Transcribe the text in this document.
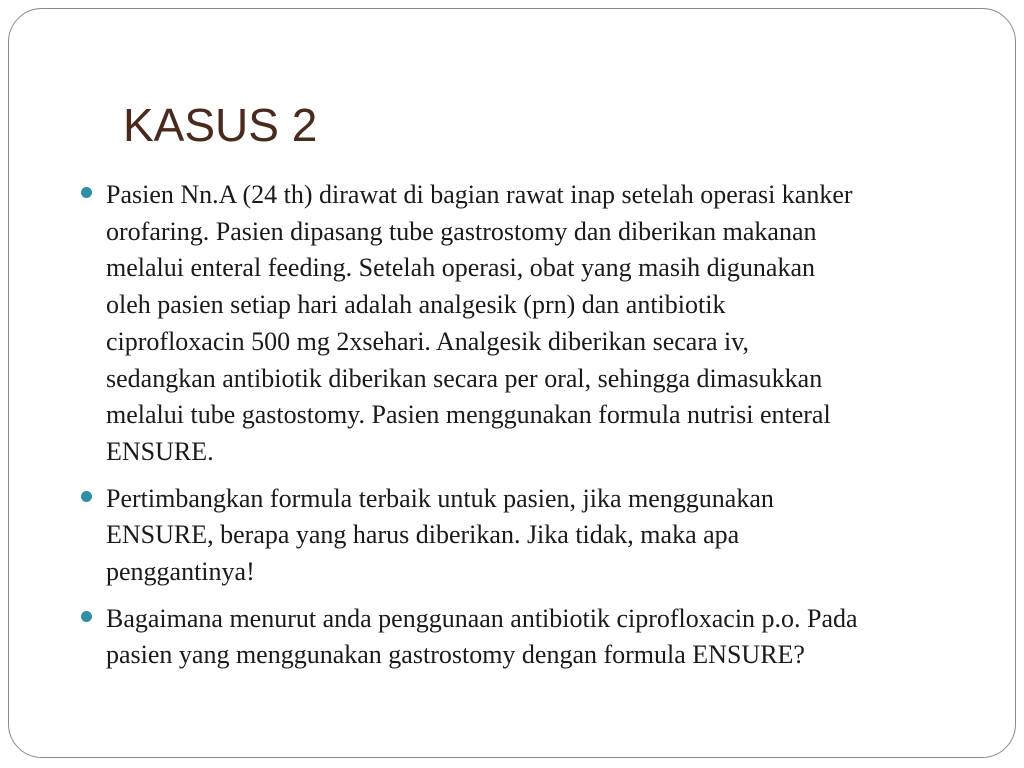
KASUS 2
Pasien Nn.A (24 th) dirawat di bagian rawat inap setelah operasi kanker
orofaring. Pasien dipasang tube gastrostomy dan diberikan makanan
melalui enteral feeding. Setelah operasi, obat yang masih digunakan
oleh pasien setiap hari adalah analgesik (prn) dan antibiotik
ciprofloxacin 500 mg 2xsehari. Analgesik diberikan secara iv,
sedangkan antibiotik diberikan secara per oral, sehingga dimasukkan
melalui tube gastostomy. Pasien menggunakan formula nutrisi enteral
ENSURE.
Pertimbangkan formula terbaik untuk pasien, jika menggunakan
ENSURE, berapa yang harus diberikan. Jika tidak, maka apa
penggantinya!
Bagaimana menurut anda penggunaan antibiotik ciprofloxacin p.o. Pada
pasien yang menggunakan gastrostomy dengan formula ENSURE?
